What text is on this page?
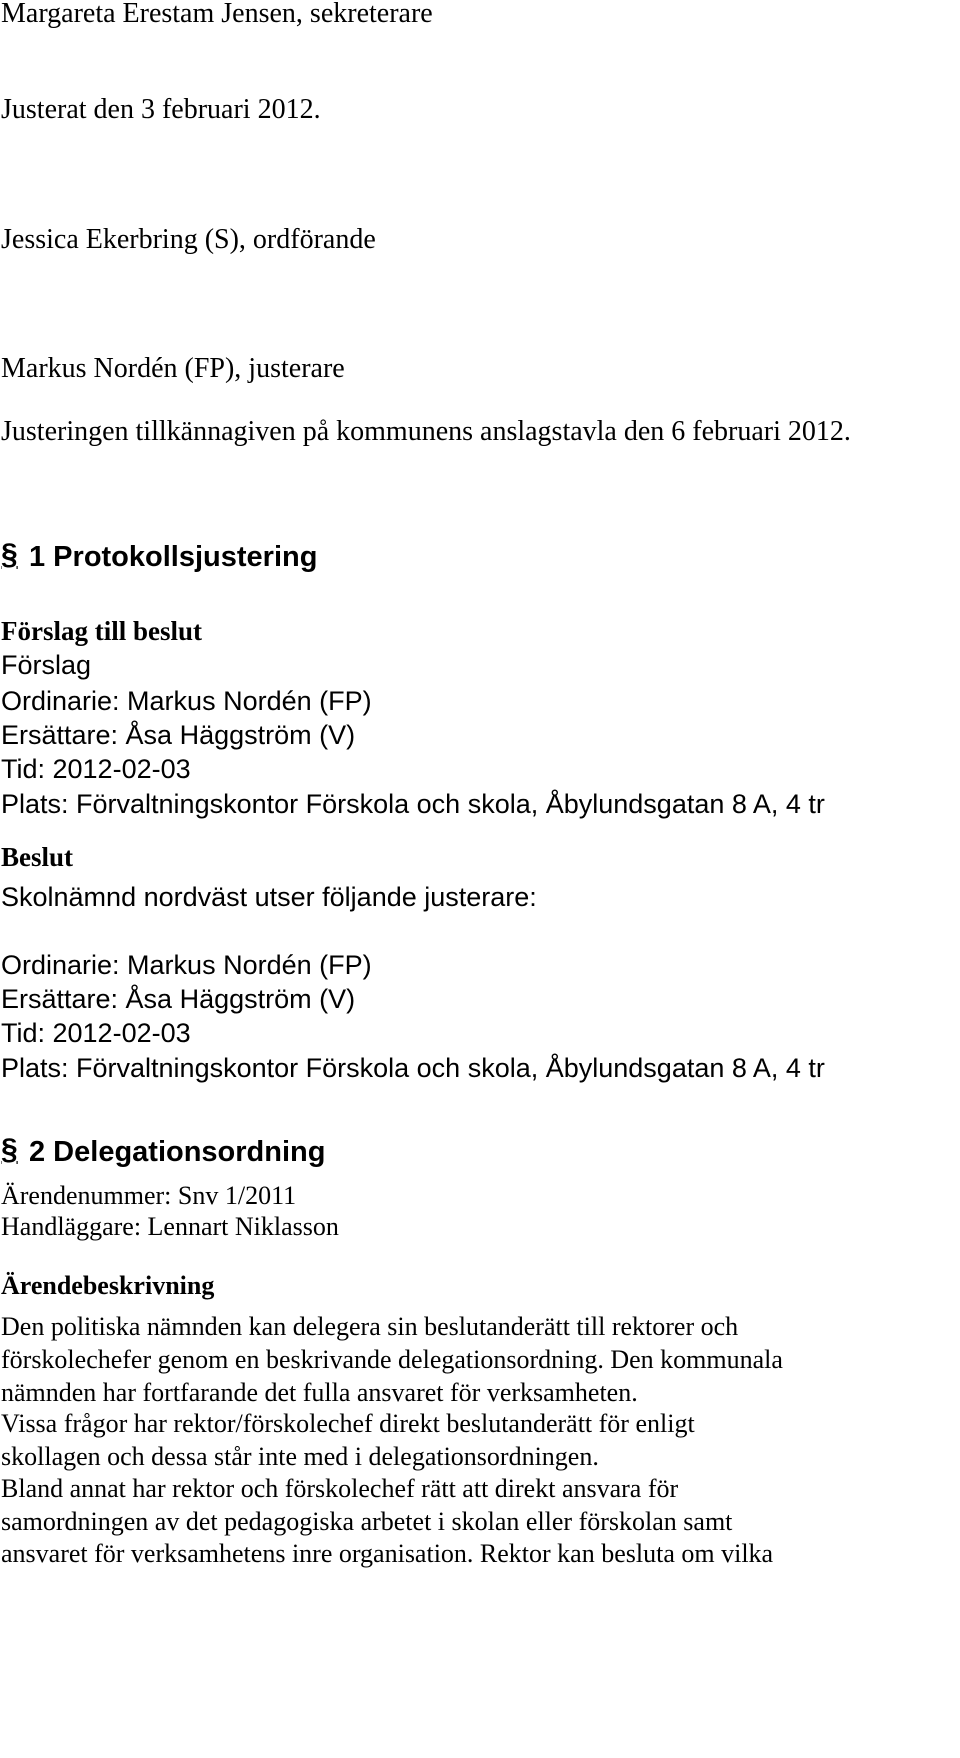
Margareta Erestam Jensen, sekreterare
Justerat den 3 februari 2012.
Jessica Ekerbring (S), ordförande
Markus Nordén (FP), justerare
Justeringen tillkännagiven på kommunens anslagstavla den 6 februari 2012.
§ 1 Protokollsjustering
Förslag till beslut
Förslag
Ordinarie: Markus Nordén (FP)
Ersättare: Åsa Häggström (V)
Tid: 2012-02-03
Plats: Förvaltningskontor Förskola och skola, Åbylundsgatan 8 A, 4 tr
Beslut
Skolnämnd nordväst utser följande justerare:
Ordinarie: Markus Nordén (FP)
Ersättare: Åsa Häggström (V)
Tid: 2012-02-03
Plats: Förvaltningskontor Förskola och skola, Åbylundsgatan 8 A, 4 tr
§ 2 Delegationsordning
Ärendenummer: Snv 1/2011
Handläggare: Lennart Niklasson
Ärendebeskrivning
Den politiska nämnden kan delegera sin beslutanderätt till rektorer och
förskolechefer genom en beskrivande delegationsordning. Den kommunala
nämnden har fortfarande det fulla ansvaret för verksamheten.
Vissa frågor har rektor/förskolechef direkt beslutanderätt för enligt
skollagen och dessa står inte med i delegationsordningen.
Bland annat har rektor och förskolechef rätt att direkt ansvara för
samordningen av det pedagogiska arbetet i skolan eller förskolan samt
ansvaret för verksamhetens inre organisation. Rektor kan besluta om vilka
